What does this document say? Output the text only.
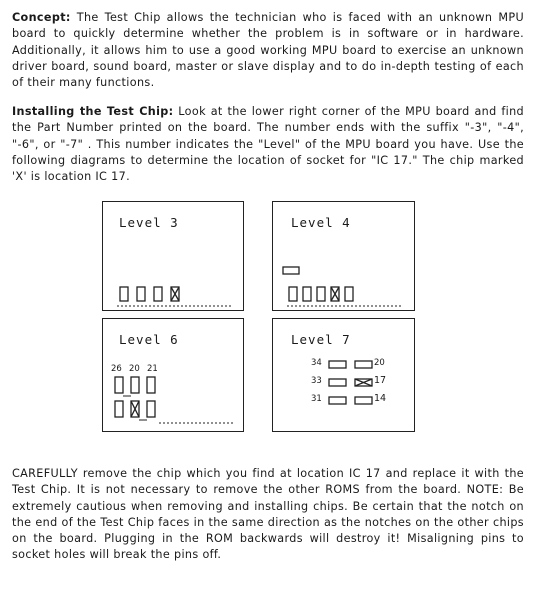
Concept: The Test Chip allows the technician who is faced with an unknown MPU board to quickly determine whether the problem is in software or in hardware. Additionally, it allows him to use a good working MPU board to exercise an unknown driver board, sound board, master or slave display and to do in-depth testing of each of their many functions.

Installing the Test Chip: Look at the lower right corner of the MPU board and find the Part Number printed on the board. The number ends with the suffix "-3", "-4", "-6", or "-7" . This number indicates the "Level" of the MPU board you have. Use the following diagrams to determine the location of socket for "IC 17." The chip marked 'X' is location IC 17.

Level 3	Level 4
Level 6
26 20 21
Level 7
34	20
33	17
31	14

CAREFULLY remove the chip which you find at location IC 17 and replace it with the Test Chip. It is not necessary to remove the other ROMS from the board. NOTE: Be extremely cautious when removing and installing chips. Be certain that the notch on the end of the Test Chip faces in the same direction as the notches on the other chips on the board. Plugging in the ROM backwards will destroy it! Misaligning pins to socket holes will break the pins off.
